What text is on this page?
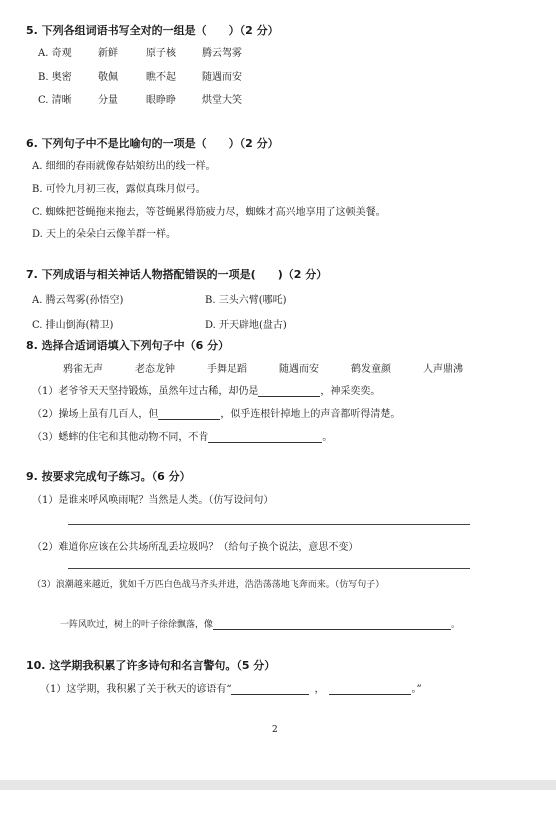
5. 下列各组词语书写全对的一组是（　　）（2 分）
A. 奇观	新鲜	原子核	腾云驾雾
B. 奥密	敬佩	瞧不起	随遇而安
C. 清晰	分量	眼睁睁	烘堂大笑
6. 下列句子中不是比喻句的一项是（　　）（2 分）
A. 细细的春雨就像春姑娘纺出的线一样。
B. 可怜九月初三夜，露似真珠月似弓。
C. 蜘蛛把苍蝇拖来拖去，等苍蝇累得筋疲力尽，蜘蛛才高兴地享用了这顿美餐。
D. 天上的朵朵白云像羊群一样。
7. 下列成语与相关神话人物搭配错误的一项是(　　)（2 分）
A. 腾云驾雾(孙悟空)	B. 三头六臂(哪吒)
C. 排山倒海(精卫)	D. 开天辟地(盘古)
8. 选择合适词语填入下列句子中（6 分）
鸦雀无声	老态龙钟	手舞足蹈	随遇而安	鹤发童颜	人声鼎沸
（1）老爷爷天天坚持锻炼，虽然年过古稀，却仍是	，神采奕奕。
（2）操场上虽有几百人，但	，似乎连根针掉地上的声音都听得清楚。
（3）蟋蟀的住宅和其他动物不同，不肯	。
9. 按要求完成句子练习。（6 分）
（1）是谁来呼风唤雨呢？当然是人类。（仿写设问句）
（2）难道你应该在公共场所乱丢垃圾吗？（给句子换个说法，意思不变）
（3）浪潮越来越近，犹如千万匹白色战马齐头并进，浩浩荡荡地飞奔而来。（仿写句子）
一阵风吹过，树上的叶子徐徐飘落，像	。
10. 这学期我积累了许多诗句和名言警句。（5 分）
（1）这学期，我积累了关于秋天的谚语有“	，	。”
2
